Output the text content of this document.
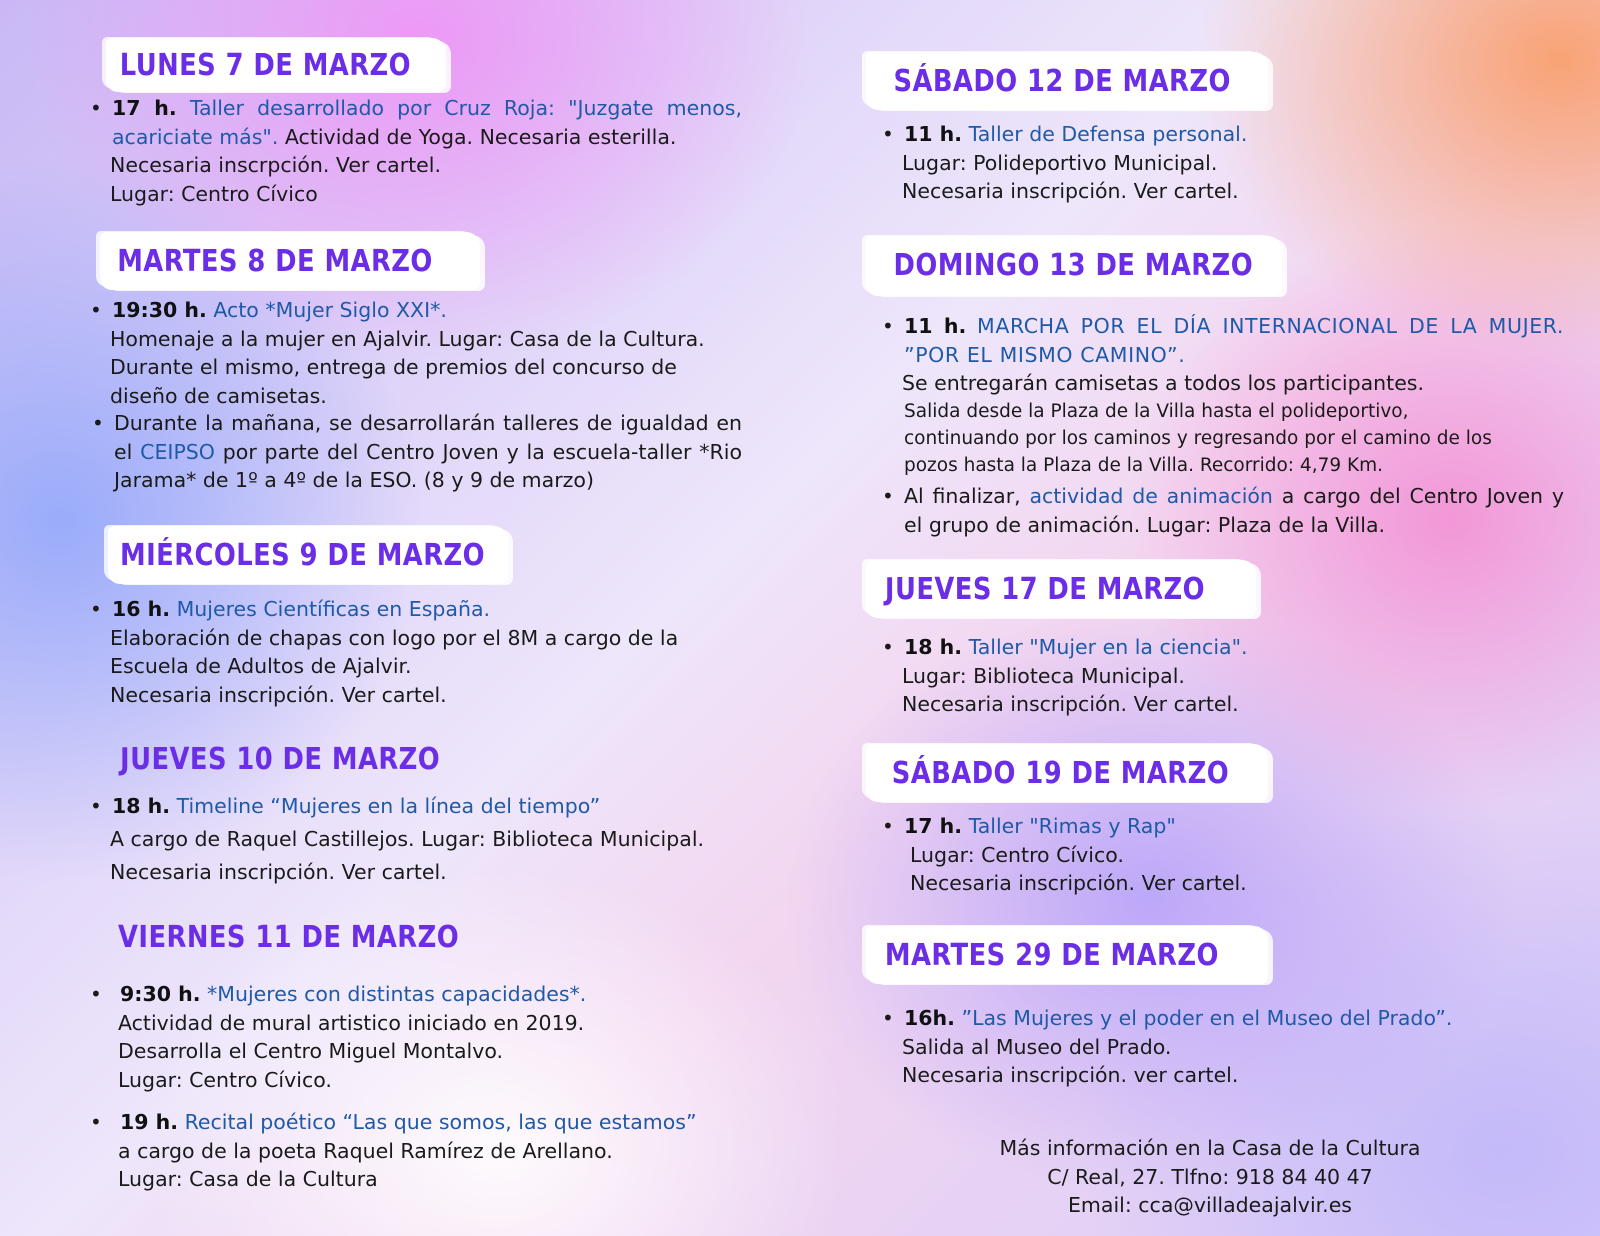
LUNES 7 DE MARZO
• 17 h. Taller desarrollado por Cruz Roja: "Juzgate menos, acariciate más". Actividad de Yoga. Necesaria esterilla.
Necesaria inscrpción. Ver cartel.
Lugar: Centro Cívico
MARTES 8 DE MARZO
• 19:30 h. Acto *Mujer Siglo XXI*.
Homenaje a la mujer en Ajalvir. Lugar: Casa de la Cultura.
Durante el mismo, entrega de premios del concurso de
diseño de camisetas.
• Durante la mañana, se desarrollarán talleres de igualdad en el CEIPSO por parte del Centro Joven y la escuela-taller *Rio Jarama* de 1º a 4º de la ESO. (8 y 9 de marzo)
MIÉRCOLES 9 DE MARZO
• 16 h. Mujeres Científicas en España.
Elaboración de chapas con logo por el 8M a cargo de la
Escuela de Adultos de Ajalvir.
Necesaria inscripción. Ver cartel.
JUEVES 10 DE MARZO
• 18 h. Timeline “Mujeres en la línea del tiempo”
A cargo de Raquel Castillejos. Lugar: Biblioteca Municipal.
Necesaria inscripción. Ver cartel.
VIERNES 11 DE MARZO
• 9:30 h. *Mujeres con distintas capacidades*.
Actividad de mural artistico iniciado en 2019.
Desarrolla el Centro Miguel Montalvo.
Lugar: Centro Cívico.
• 19 h. Recital poético “Las que somos, las que estamos”
a cargo de la poeta Raquel Ramírez de Arellano.
Lugar: Casa de la Cultura
SÁBADO 12 DE MARZO
• 11 h. Taller de Defensa personal.
Lugar: Polideportivo Municipal.
Necesaria inscripción. Ver cartel.
DOMINGO 13 DE MARZO
• 11 h. MARCHA POR EL DÍA INTERNACIONAL DE LA MUJER. ”POR EL MISMO CAMINO”.
Se entregarán camisetas a todos los participantes.
Salida desde la Plaza de la Villa hasta el polideportivo,
continuando por los caminos y regresando por el camino de los
pozos hasta la Plaza de la Villa. Recorrido: 4,79 Km.
• Al finalizar, actividad de animación a cargo del Centro Joven y el grupo de animación. Lugar: Plaza de la Villa.
JUEVES 17 DE MARZO
• 18 h. Taller "Mujer en la ciencia".
Lugar: Biblioteca Municipal.
Necesaria inscripción. Ver cartel.
SÁBADO 19 DE MARZO
• 17 h. Taller "Rimas y Rap"
Lugar: Centro Cívico.
Necesaria inscripción. Ver cartel.
MARTES 29 DE MARZO
• 16h. ”Las Mujeres y el poder en el Museo del Prado”.
Salida al Museo del Prado.
Necesaria inscripción. ver cartel.
Más información en la Casa de la Cultura
C/ Real, 27. Tlfno: 918 84 40 47
Email: cca@villadeajalvir.es
